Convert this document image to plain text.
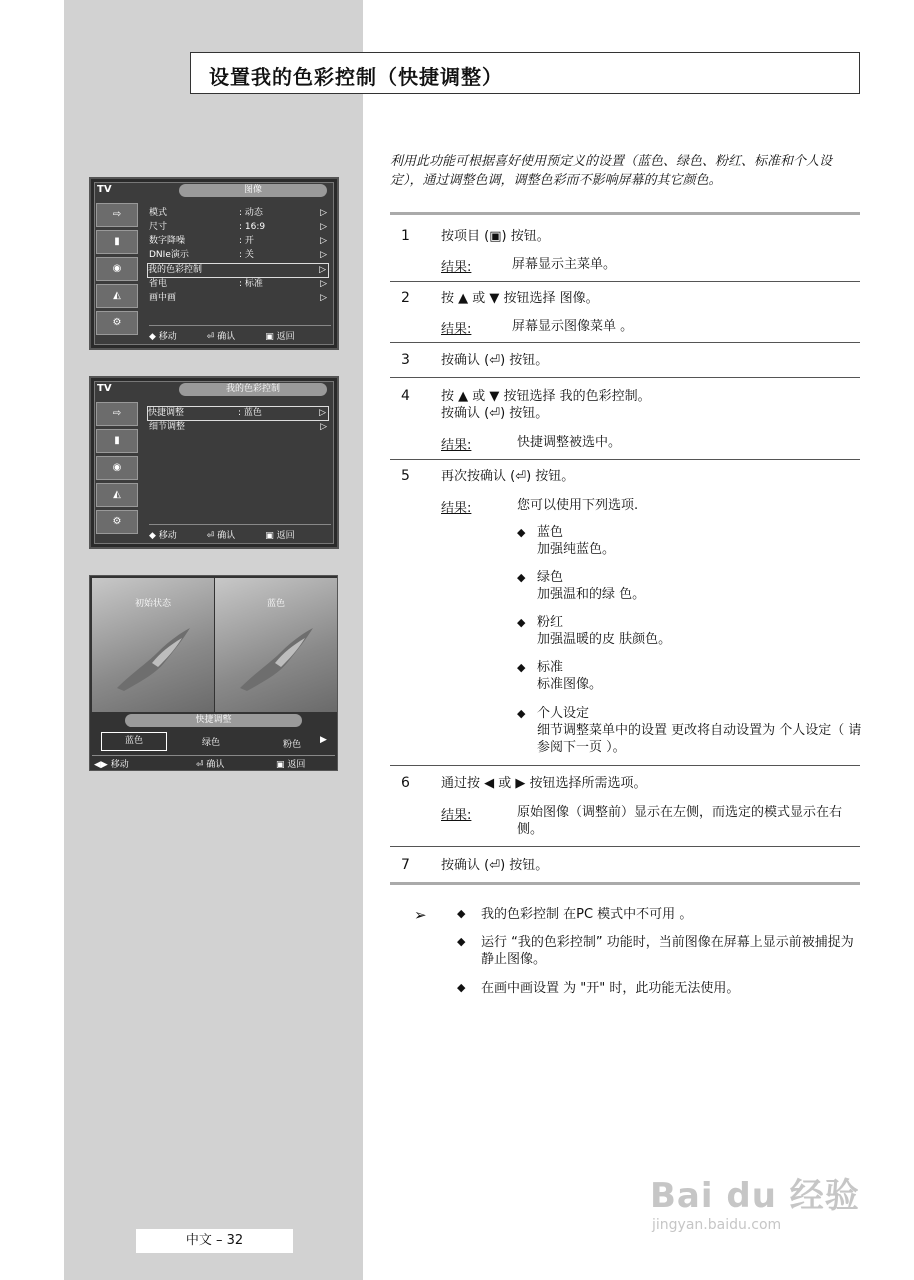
设置我的色彩控制（快捷调整）
利用此功能可根据喜好使用预定义的设置（蓝色、绿色、粉红、标准和个人设定），通过调整色调，调整色彩而不影响屏幕的其它颜色。
1 按项目 (▣) 按钮。
结果:	屏幕显示主菜单。
2 按 ▲ 或 ▼ 按钮选择 图像。
结果:	屏幕显示图像菜单 。
3 按确认 (⏎) 按钮。
4 按 ▲ 或 ▼ 按钮选择 我的色彩控制。
按确认 (⏎) 按钮。
结果:	快捷调整被选中。
5 再次按确认 (⏎) 按钮。
结果:	您可以使用下列选项.
◆ 蓝色
加强纯蓝色。
◆ 绿色
加强温和的绿 色。
◆ 粉红
加强温暖的皮 肤颜色。
◆ 标准
标准图像。
◆ 个人设定
细节调整菜单中的设置 更改将自动设置为 个人设定（ 请参阅下一页 ）。
6 通过按 ◀ 或 ▶ 按钮选择所需选项。
结果:	原始图像（调整前）显示在左侧，而选定的模式显示在右侧。
7 按确认 (⏎) 按钮。
➢	◆ 我的色彩控制 在PC 模式中不可用 。
◆ 运行 “我的色彩控制” 功能时，当前图像在屏幕上显示前被捕捉为静止图像。
◆ 在画中画设置 为 "开" 时，此功能无法使用。
TV	图像
⇨
▮
◉
◭
⚙
模式	: 动态	▷
尺寸	: 16:9	▷
数字降噪	: 开	▷
DNIe演示	: 关	▷
我的色彩控制	▷
省电	: 标准	▷
画中画	▷
◆ 移动	⏎ 确认	▣ 返回
TV	我的色彩控制
⇨
▮
◉
◭
⚙
快捷调整	: 蓝色	▷
细节调整	▷
◆ 移动	⏎ 确认	▣ 返回
初始状态	蓝色
快捷调整
蓝色	绿色	粉色 ▶
◀▶ 移动	⏎ 确认	▣ 返回
中文 – 32
Bai du 经验
jingyan.baidu.com
